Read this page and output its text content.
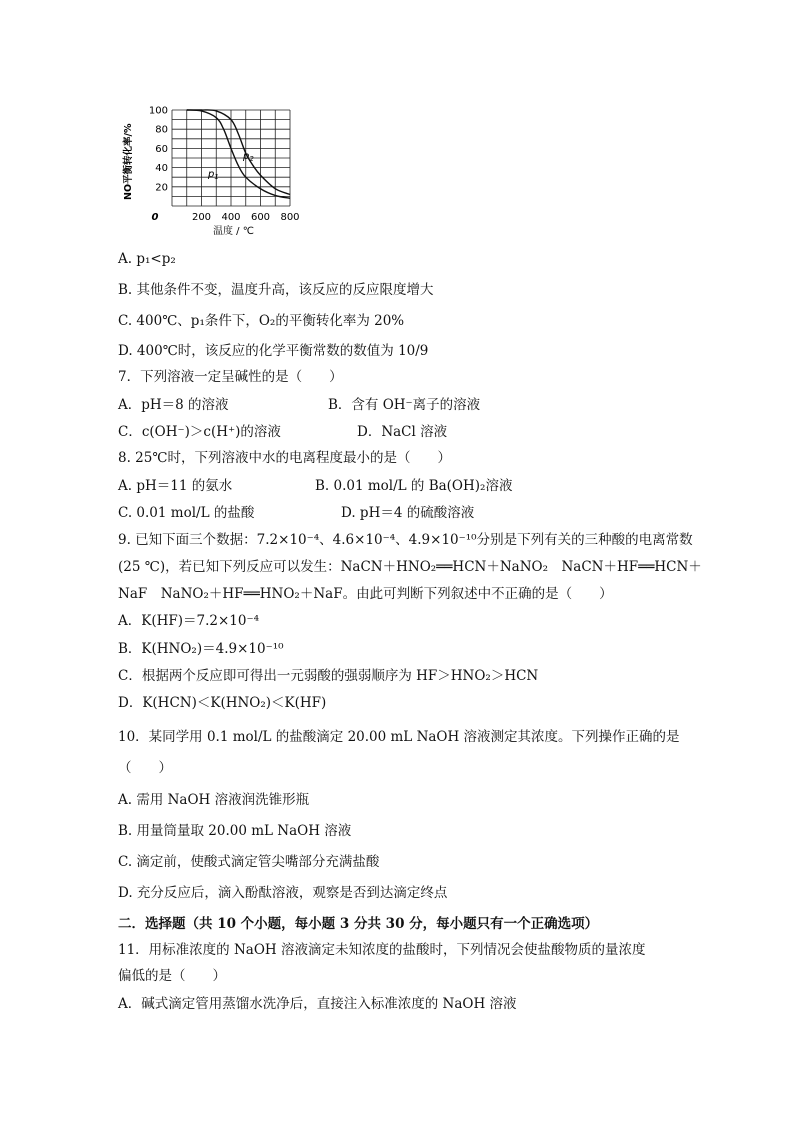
100
80
60
40
20
0	200 400 600 800
NO平衡转化率/%
温度 / ℃
$p_1$
$p_2$
A. p₁<p₂
B. 其他条件不变，温度升高，该反应的反应限度增大
C. 400℃、p₁条件下，O₂的平衡转化率为 20%
D. 400℃时，该反应的化学平衡常数的数值为 10/9
7．下列溶液一定呈碱性的是（　　）
A．pH＝8 的溶液	B．含有 OH⁻离子的溶液
C．c(OH⁻)＞c(H⁺)的溶液	D．NaCl 溶液
8. 25℃时，下列溶液中水的电离程度最小的是（　　）
A. pH＝11 的氨水	B. 0.01 mol/L 的 Ba(OH)₂溶液
C. 0.01 mol/L 的盐酸	D. pH＝4 的硫酸溶液
9. 已知下面三个数据：7.2×10⁻⁴、4.6×10⁻⁴、4.9×10⁻¹⁰分别是下列有关的三种酸的电离常数
(25 ℃)，若已知下列反应可以发生：NaCN＋HNO₂══HCN＋NaNO₂　NaCN＋HF══HCN＋
NaF　NaNO₂＋HF══HNO₂＋NaF。由此可判断下列叙述中不正确的是（　　）
A．K(HF)＝7.2×10⁻⁴
B．K(HNO₂)＝4.9×10⁻¹⁰
C．根据两个反应即可得出一元弱酸的强弱顺序为 HF＞HNO₂＞HCN
D．K(HCN)＜K(HNO₂)＜K(HF)
10．某同学用 0.1 mol/L 的盐酸滴定 20.00 mL NaOH 溶液测定其浓度。下列操作正确的是
（　　）
A. 需用 NaOH 溶液润洗锥形瓶
B. 用量筒量取 20.00 mL NaOH 溶液
C. 滴定前，使酸式滴定管尖嘴部分充满盐酸
D. 充分反应后，滴入酚酞溶液，观察是否到达滴定终点
二．选择题（共 10 个小题，每小题 3 分共 30 分，每小题只有一个正确选项）
11．用标准浓度的 NaOH 溶液滴定未知浓度的盐酸时，下列情况会使盐酸物质的量浓度
偏低的是（　　）
A．碱式滴定管用蒸馏水洗净后，直接注入标准浓度的 NaOH 溶液
